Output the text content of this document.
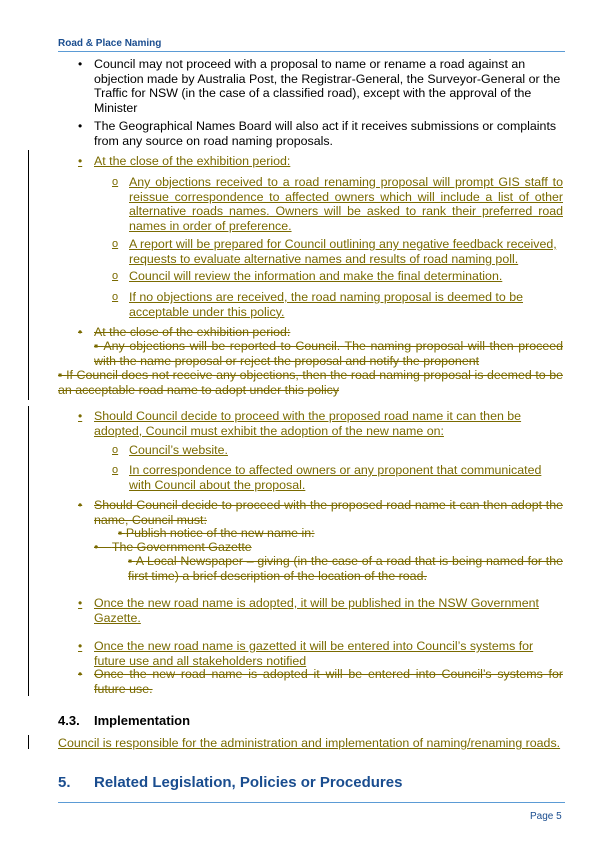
Road & Place Naming
• Council may not proceed with a proposal to name or rename a road against an objection made by Australia Post, the Registrar-General, the Surveyor-General or the Traffic for NSW (in the case of a classified road), except with the approval of the Minister
• The Geographical Names Board will also act if it receives submissions or complaints from any source on road naming proposals.
• At the close of the exhibition period:
o Any objections received to a road renaming proposal will prompt GIS staff to reissue correspondence to affected owners which will include a list of other alternative roads names. Owners will be asked to rank their preferred road names in order of preference.
o A report will be prepared for Council outlining any negative feedback received, requests to evaluate alternative names and results of road naming poll.
o Council will review the information and make the final determination.
o If no objections are received, the road naming proposal is deemed to be acceptable under this policy.
• At the close of the exhibition period:
▪ Any objections will be reported to Council. The naming proposal will then proceed with the name proposal or reject the proposal and notify the proponent
▪ If Council does not receive any objections, then the road naming proposal is deemed to be an acceptable road name to adopt under this policy
• Should Council decide to proceed with the proposed road name it can then be adopted, Council must exhibit the adoption of the new name on:
o Council’s website.
o In correspondence to affected owners or any proponent that communicated with Council about the proposal.
• Should Council decide to proceed with the proposed road name it can then adopt the name, Council must:
▪ Publish notice of the new name in:
•    The Government Gazette
▪ A Local Newspaper – giving (in the case of a road that is being named for the first time) a brief description of the location of the road.
• Once the new road name is adopted, it will be published in the NSW Government Gazette.
• Once the new road name is gazetted it will be entered into Council’s systems for future use and all stakeholders notified
• Once the new road name is adopted it will be entered into Council’s systems for future use.
4.3. Implementation
Council is responsible for the administration and implementation of naming/renaming roads.
5. Related Legislation, Policies or Procedures
Page 5
